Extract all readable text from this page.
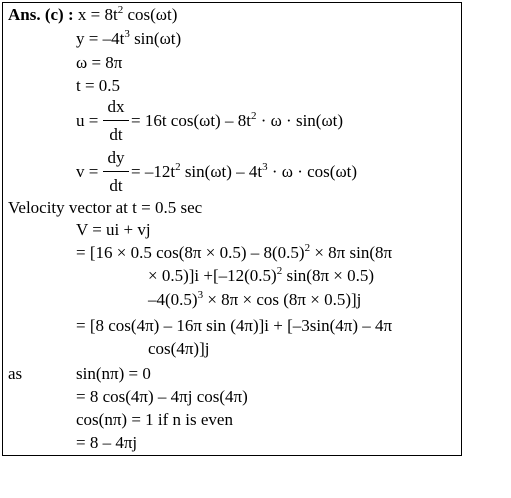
Ans. (c) : $x = 8t^2$ cos(ωt)
$y = -4t^3$ sin(ωt)
ω = 8π
t = 0.5
u =
dx
dt
= 16t $\cos(\omega t) - 8t^2 \cdot \omega \cdot \sin(\omega t)$
v =
dy
dt
= $-12t^2$ $\sin(\omega t) - 4t^3 \cdot \omega \cdot \cos(\omega t)$
Velocity vector at t = 0.5 sec
V = ui + vj
= [16 × 0.5 $\cos(8\pi \times 0.5) - 8(0.5)^2 \times 8\pi$ sin(8π
× $0.5)]i +[-12(0.5)^2$ sin(8π × 0.5)
$-4(0.5)^3 \times 8\pi \times \cos (8\pi \times 0.5)]j$
= [8 cos(4π) – 16π sin (4π)]i + [–3sin(4π) – 4π
cos(4π)]j
as	sin(nπ) = 0
= 8 cos(4π) – 4πj cos(4π)
cos(nπ) = 1 if n is even
= 8 – 4πj
